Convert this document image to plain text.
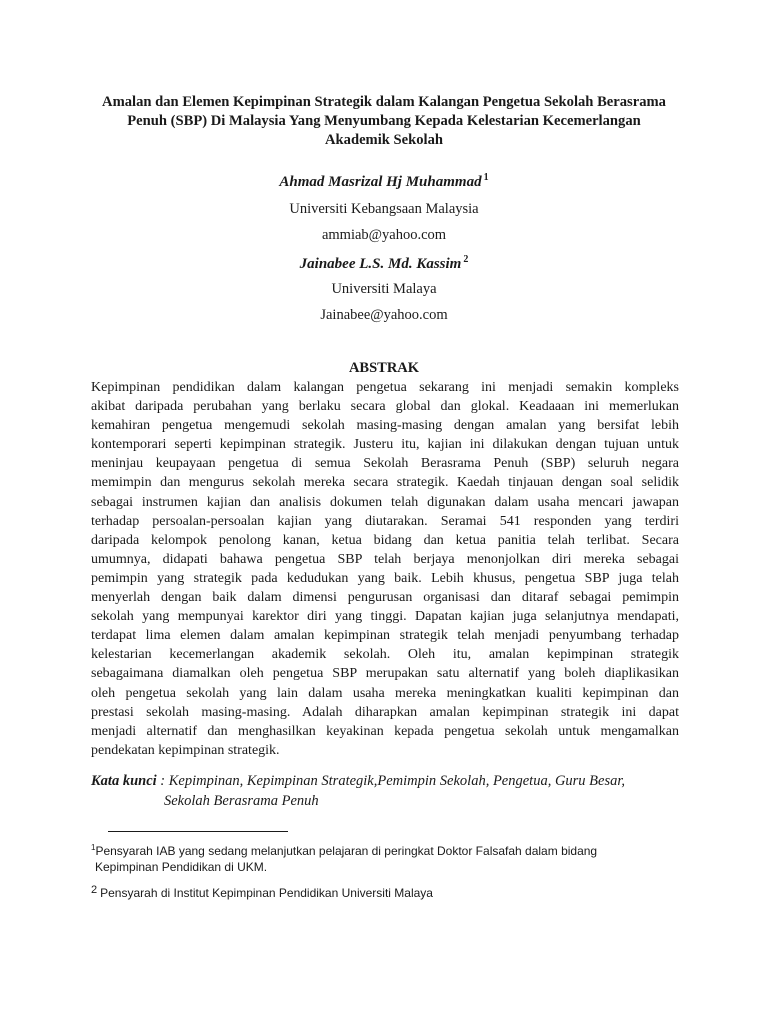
Amalan dan Elemen Kepimpinan Strategik dalam Kalangan Pengetua Sekolah Berasrama
Penuh (SBP) Di Malaysia Yang Menyumbang Kepada Kelestarian Kecemerlangan
Akademik Sekolah
Ahmad Masrizal Hj Muhammad $^1$
Universiti Kebangsaan Malaysia
ammiab@yahoo.com
Jainabee L.S. Md. Kassim $^2$
Universiti Malaya
Jainabee@yahoo.com
ABSTRAK
Kepimpinan pendidikan dalam kalangan pengetua sekarang ini menjadi semakin kompleks
akibat daripada perubahan yang berlaku secara global dan glokal. Keadaaan ini memerlukan
kemahiran pengetua mengemudi sekolah masing-masing dengan amalan yang bersifat lebih
kontemporari seperti kepimpinan strategik. Justeru itu, kajian ini dilakukan dengan tujuan untuk
meninjau keupayaan pengetua di semua Sekolah Berasrama Penuh (SBP) seluruh negara
memimpin dan mengurus sekolah mereka secara strategik. Kaedah tinjauan dengan soal selidik
sebagai instrumen kajian dan analisis dokumen telah digunakan dalam usaha mencari jawapan
terhadap persoalan-persoalan kajian yang diutarakan. Seramai 541 responden yang terdiri
daripada kelompok penolong kanan, ketua bidang dan ketua panitia telah terlibat. Secara
umumnya, didapati bahawa pengetua SBP telah berjaya menonjolkan diri mereka sebagai
pemimpin yang strategik pada kedudukan yang baik. Lebih khusus, pengetua SBP juga telah
menyerlah dengan baik dalam dimensi pengurusan organisasi dan ditaraf sebagai pemimpin
sekolah yang mempunyai karektor diri yang tinggi. Dapatan kajian juga selanjutnya mendapati,
terdapat lima elemen dalam amalan kepimpinan strategik telah menjadi penyumbang terhadap
kelestarian kecemerlangan akademik sekolah. Oleh itu, amalan kepimpinan strategik
sebagaimana diamalkan oleh pengetua SBP merupakan satu alternatif yang boleh diaplikasikan
oleh pengetua sekolah yang lain dalam usaha mereka meningkatkan kualiti kepimpinan dan
prestasi sekolah masing-masing. Adalah diharapkan amalan kepimpinan strategik ini dapat
menjadi alternatif dan menghasilkan keyakinan kepada pengetua sekolah untuk mengamalkan
pendekatan kepimpinan strategik.
Kata kunci : Kepimpinan, Kepimpinan Strategik,Pemimpin Sekolah, Pengetua, Guru Besar,
Sekolah Berasrama Penuh
$^1$Pensyarah IAB yang sedang melanjutkan pelajaran di peringkat Doktor Falsafah dalam bidang
Kepimpinan Pendidikan di UKM.
2 Pensyarah di Institut Kepimpinan Pendidikan Universiti Malaya
